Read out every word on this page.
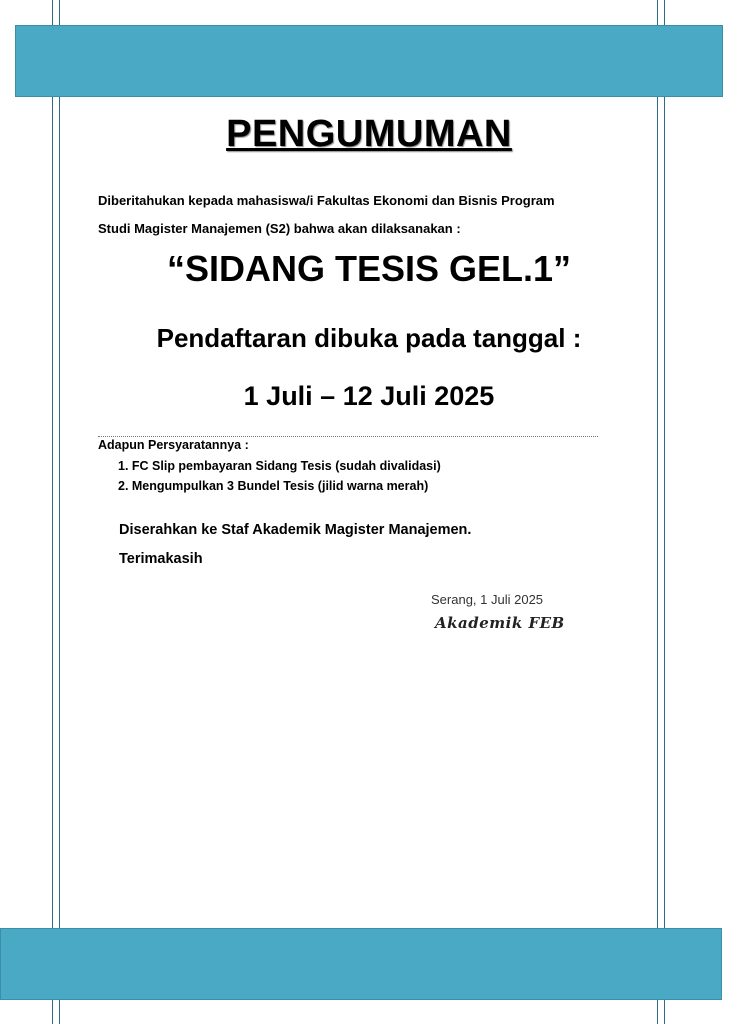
PENGUMUMAN
Diberitahukan kepada mahasiswa/i Fakultas Ekonomi dan Bisnis Program
Studi Magister Manajemen (S2) bahwa akan dilaksanakan :
“SIDANG TESIS GEL.1”
Pendaftaran dibuka pada tanggal :
1 Juli – 12 Juli 2025
Adapun Persyaratannya :
1. FC Slip pembayaran Sidang Tesis (sudah divalidasi)
2. Mengumpulkan 3 Bundel Tesis (jilid warna merah)
Diserahkan ke Staf Akademik Magister Manajemen.
Terimakasih
Serang, 1 Juli 2025
Akademik FEB
